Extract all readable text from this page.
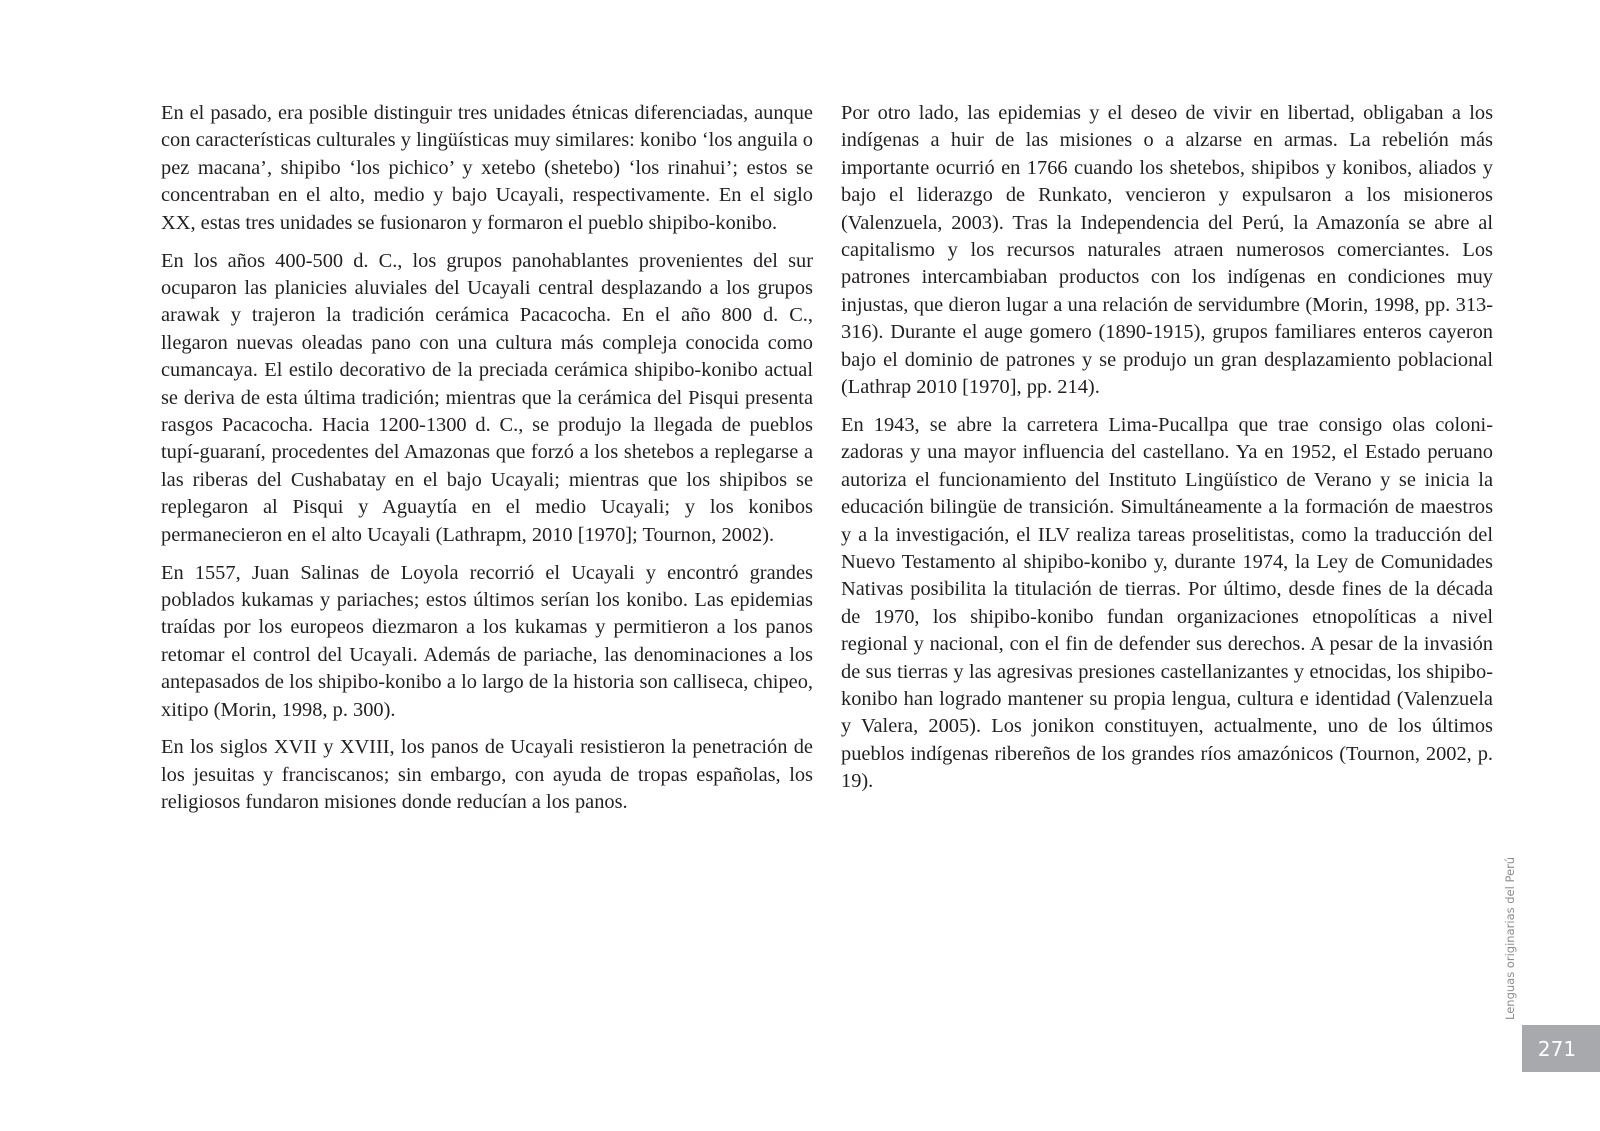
En el pasado, era posible distinguir tres unidades étnicas diferenciadas, aunque con características culturales y lingüísticas muy similares: konibo ‘los anguila o pez macana’, shipibo ‘los pichico’ y xetebo (shetebo) ‘los rinahui’; estos se concentraban en el alto, medio y bajo Ucayali, respectivamente. En el siglo XX, estas tres unidades se fusionaron y formaron el pueblo shipibo-konibo.

En los años 400-500 d. C., los grupos panohablantes provenientes del sur ocuparon las planicies aluviales del Ucayali central desplazando a los grupos arawak y trajeron la tradición cerámica Pacacocha. En el año 800 d. C., llegaron nuevas oleadas pano con una cultura más compleja conocida como cumancaya. El estilo decorativo de la preciada cerámica shipibo-konibo actual se deriva de esta última tradición; mientras que la cerámica del Pisqui presenta rasgos Pacacocha. Hacia 1200-1300 d. C., se produjo la llegada de pueblos tupí-guaraní, procedentes del Amazonas que forzó a los shetebos a replegarse a las riberas del Cushabatay en el bajo Ucayali; mientras que los shipibos se replegaron al Pisqui y Aguaytía en el medio Ucayali; y los konibos permanecieron en el alto Ucayali (Lathrapm, 2010 [1970]; Tournon, 2002).

En 1557, Juan Salinas de Loyola recorrió el Ucayali y encontró grandes poblados kukamas y pariaches; estos últimos serían los konibo. Las epidemias traídas por los europeos diezmaron a los kukamas y permitieron a los panos retomar el control del Ucayali. Además de pariache, las denominaciones a los antepasados de los shipibo-konibo a lo largo de la historia son calliseca, chipeo, xitipo (Morin, 1998, p. 300).

En los siglos XVII y XVIII, los panos de Ucayali resistieron la penetración de los jesuitas y franciscanos; sin embargo, con ayuda de tropas españolas, los religiosos fundaron misiones donde reducían a los panos.

Por otro lado, las epidemias y el deseo de vivir en libertad, obligaban a los indígenas a huir de las misiones o a alzarse en armas. La rebelión más importante ocurrió en 1766 cuando los shetebos, shipibos y konibos, aliados y bajo el liderazgo de Runkato, vencieron y expulsaron a los misioneros (Valenzuela, 2003). Tras la Independencia del Perú, la Amazonía se abre al capitalismo y los recursos naturales atraen numerosos comerciantes. Los patrones intercambiaban productos con los indígenas en condiciones muy injustas, que dieron lugar a una relación de servidumbre (Morin, 1998, pp. 313-316). Durante el auge gomero (1890-1915), grupos familiares enteros cayeron bajo el dominio de patrones y se produjo un gran desplazamiento poblacional (Lathrap 2010 [1970], pp. 214).

En 1943, se abre la carretera Lima-Pucallpa que trae consigo olas colonizadoras y una mayor influencia del castellano. Ya en 1952, el Estado peruano autoriza el funcionamiento del Instituto Lingüístico de Verano y se inicia la educación bilingüe de transición. Simultáneamente a la formación de maestros y a la investigación, el ILV realiza tareas proselitistas, como la traducción del Nuevo Testamento al shipibo-konibo y, durante 1974, la Ley de Comunidades Nativas posibilita la titulación de tierras. Por último, desde fines de la década de 1970, los shipibo-konibo fundan organizaciones etnopolíticas a nivel regional y nacional, con el fin de defender sus derechos. A pesar de la invasión de sus tierras y las agresivas presiones castellanizantes y etnocidas, los shipibo-konibo han logrado mantener su propia lengua, cultura e identidad (Valenzuela y Valera, 2005). Los jonikon constituyen, actualmente, uno de los últimos pueblos indígenas ribereños de los grandes ríos amazónicos (Tournon, 2002, p. 19).

Lenguas originarias del Perú
271
